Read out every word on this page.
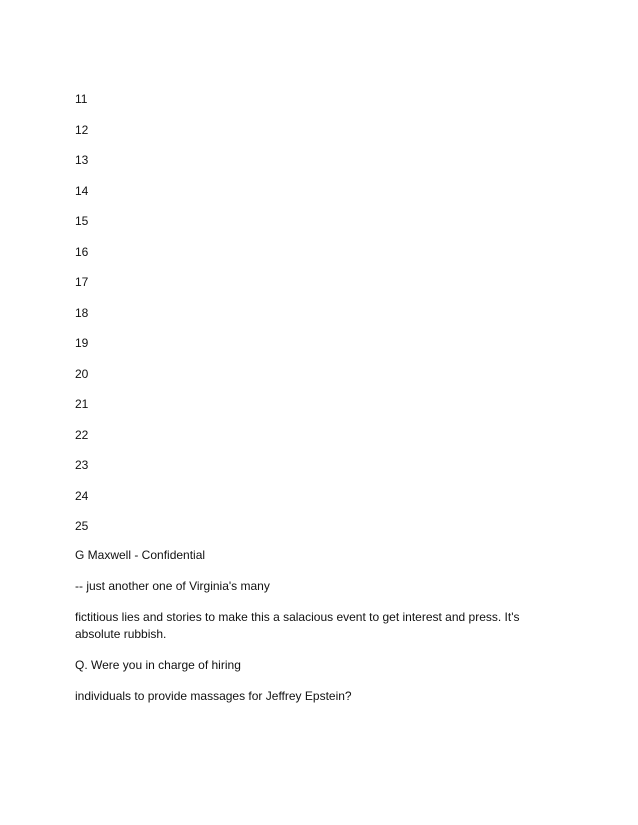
11
12
13
14
15
16
17
18
19
20
21
22
23
24
25

G Maxwell - Confidential

-- just another one of Virginia's many

fictitious lies and stories to make this a salacious event to get interest and press. It's absolute rubbish.

Q. Were you in charge of hiring

individuals to provide massages for Jeffrey Epstein?
